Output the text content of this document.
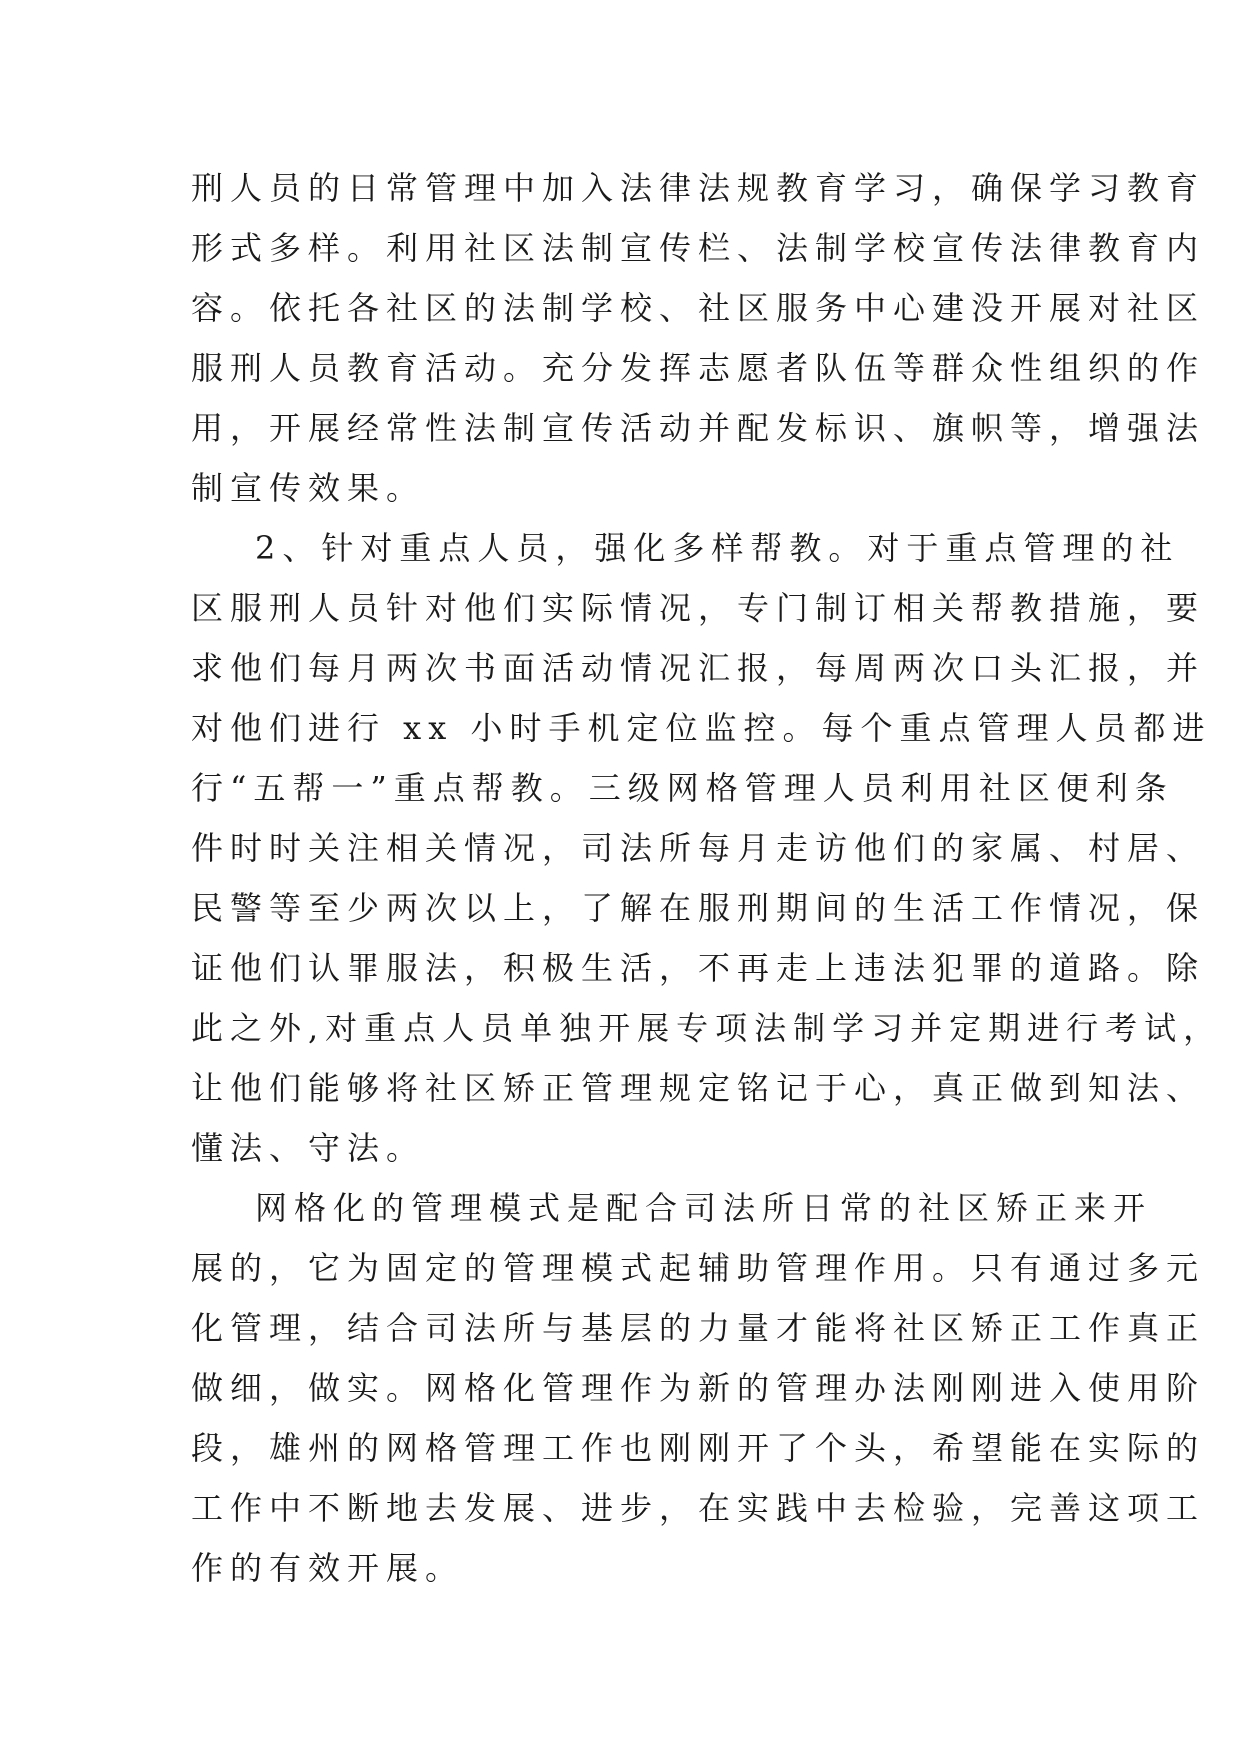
刑人员的日常管理中加入法律法规教育学习，确保学习教育
形式多样。利用社区法制宣传栏、法制学校宣传法律教育内
容。依托各社区的法制学校、社区服务中心建没开展对社区
服刑人员教育活动。充分发挥志愿者队伍等群众性组织的作
用，开展经常性法制宣传活动并配发标识、旗帜等，增强法
制宣传效果。
2、针对重点人员，强化多样帮教。对于重点管理的社
区服刑人员针对他们实际情况，专门制订相关帮教措施，要
求他们每月两次书面活动情况汇报，每周两次口头汇报，并
对他们进行 xx 小时手机定位监控。每个重点管理人员都进
行“五帮一”重点帮教。三级网格管理人员利用社区便利条
件时时关注相关情况，司法所每月走访他们的家属、村居、
民警等至少两次以上，了解在服刑期间的生活工作情况，保
证他们认罪服法，积极生活，不再走上违法犯罪的道路。除
此之外,对重点人员单独开展专项法制学习并定期进行考试，
让他们能够将社区矫正管理规定铭记于心，真正做到知法、
懂法、守法。
网格化的管理模式是配合司法所日常的社区矫正来开
展的，它为固定的管理模式起辅助管理作用。只有通过多元
化管理，结合司法所与基层的力量才能将社区矫正工作真正
做细，做实。网格化管理作为新的管理办法刚刚进入使用阶
段，雄州的网格管理工作也刚刚开了个头，希望能在实际的
工作中不断地去发展、进步，在实践中去检验，完善这项工
作的有效开展。
